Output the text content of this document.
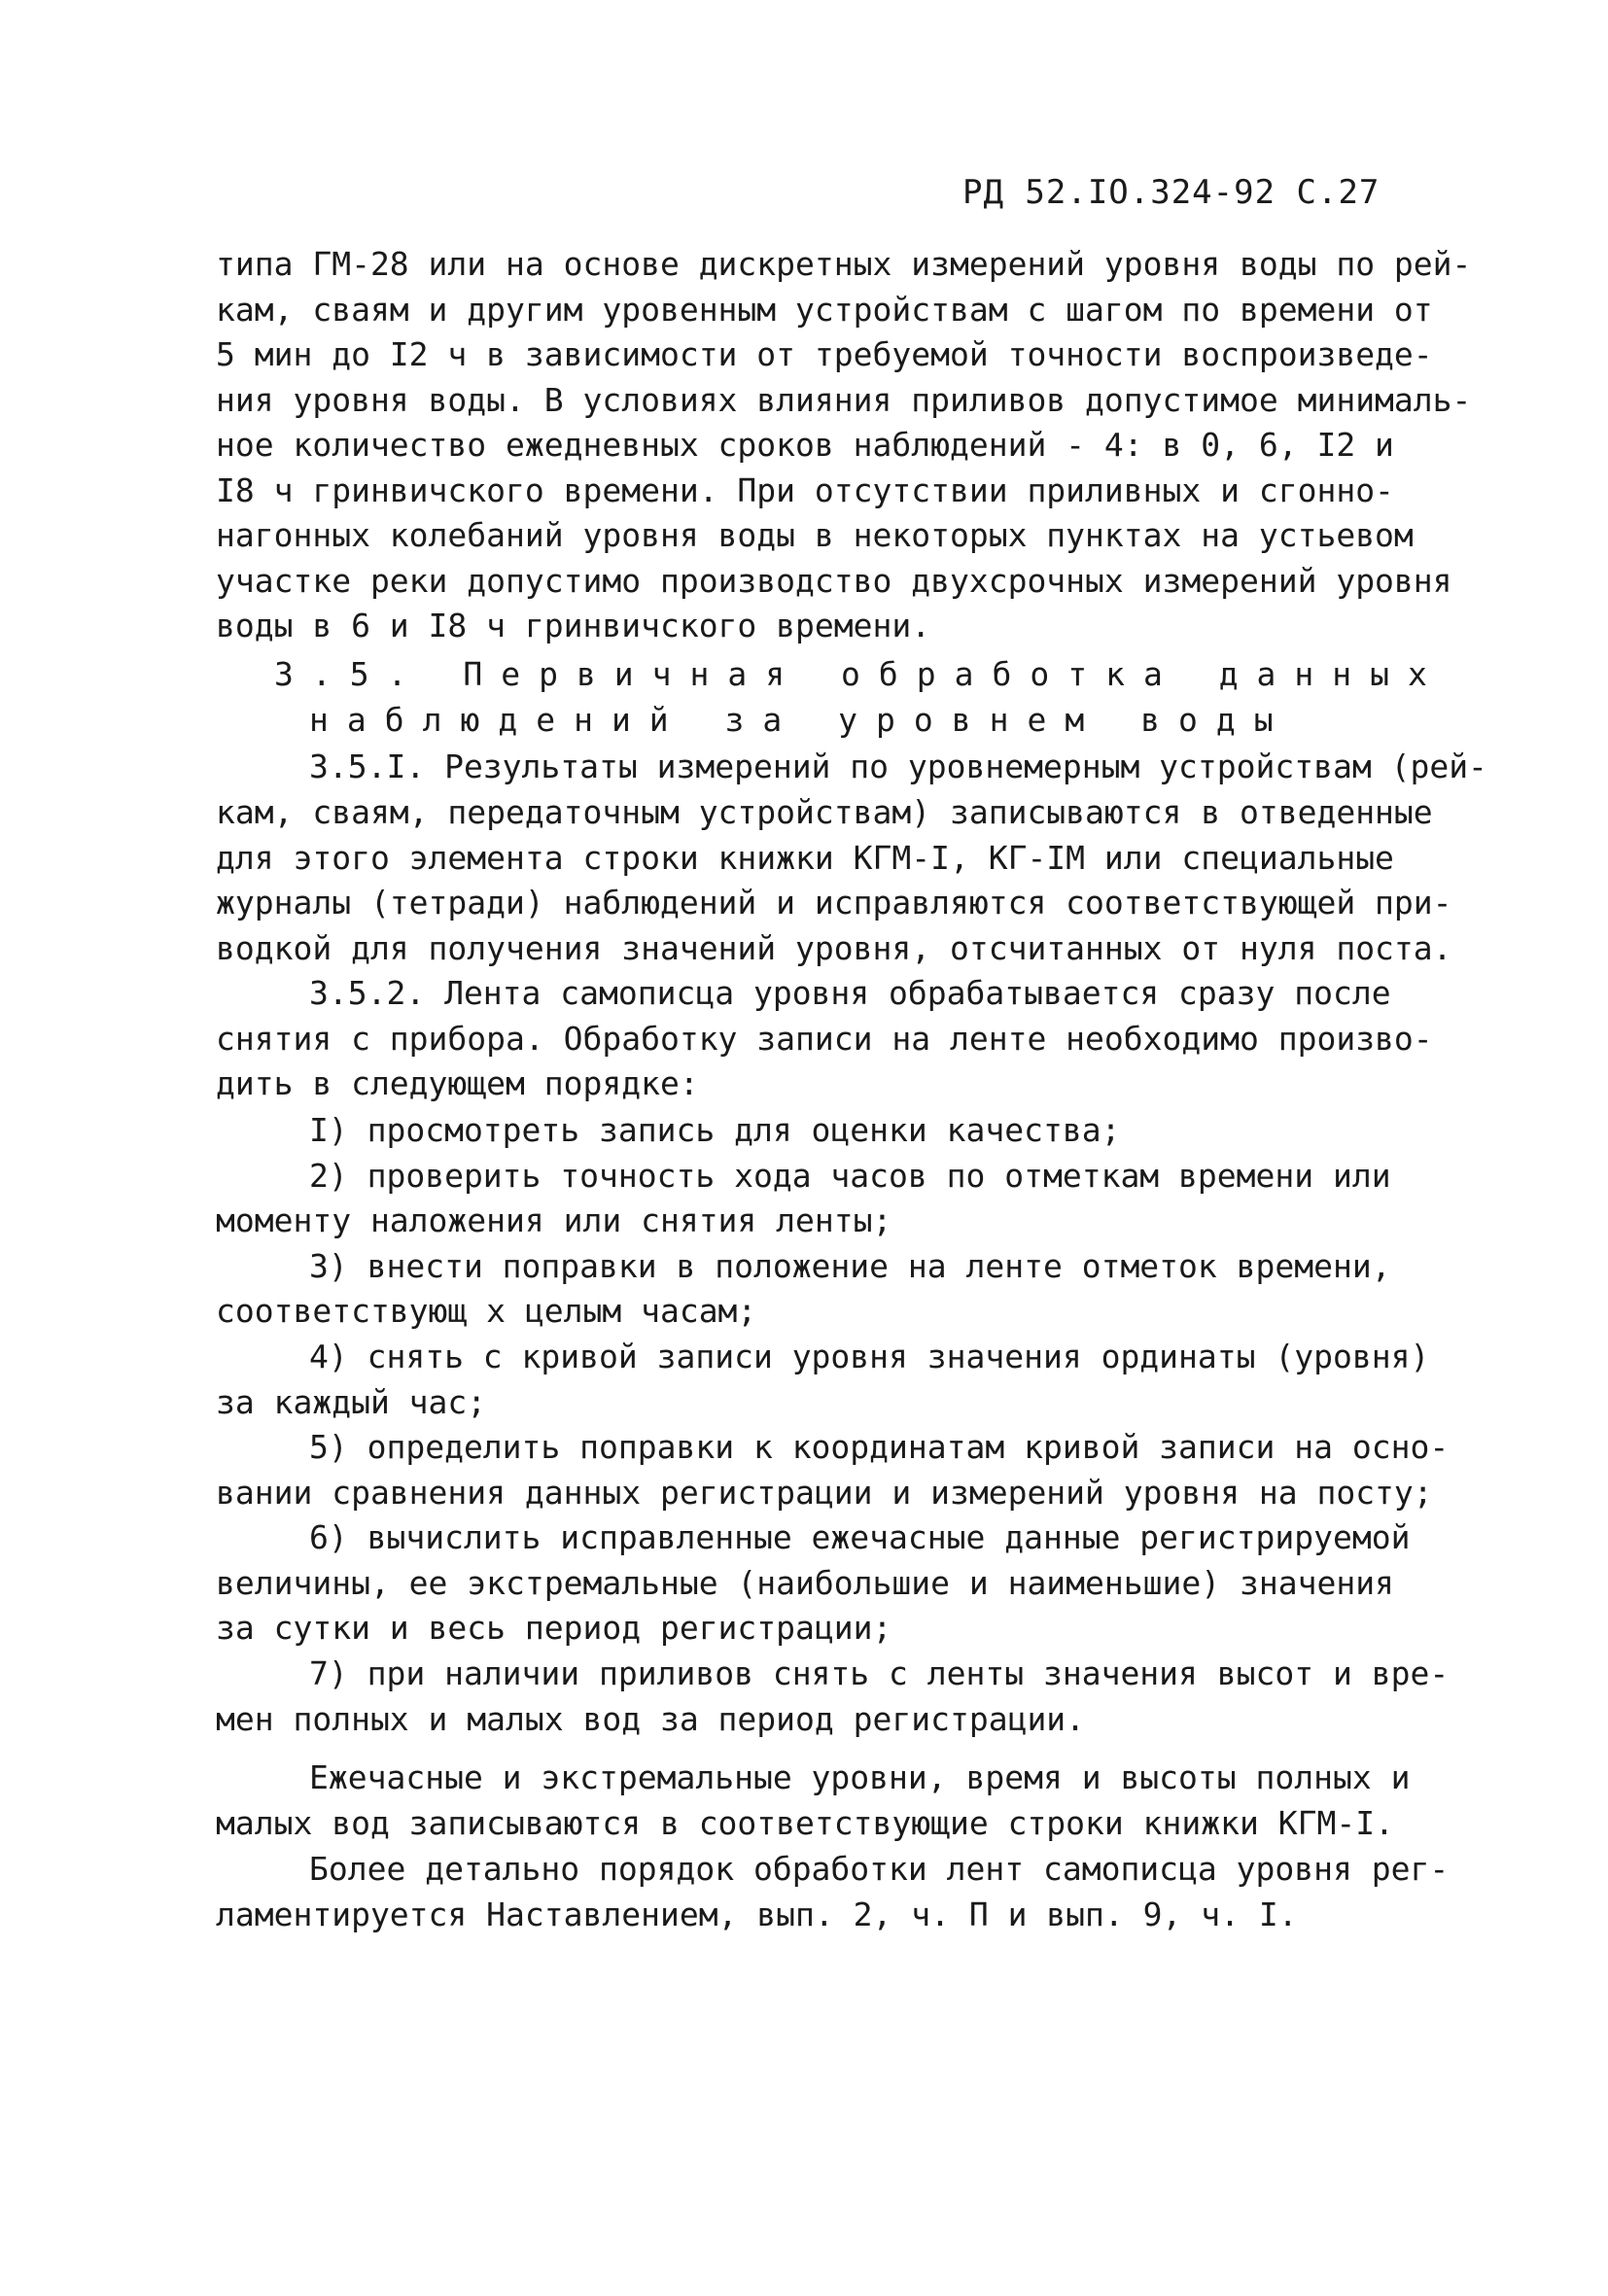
РД 52.IO.324-92 С.27
типа ГМ-28 или на основе дискретных измерений уровня воды по рей-
кам, сваям и другим уровенным устройствам с шагом по времени от
5 мин до I2 ч в зависимости от требуемой точности воспроизведе-
ния уровня воды. В условиях влияния приливов допустимое минималь-
ное количество ежедневных сроков наблюдений - 4: в 0, 6, I2 и
I8 ч гринвичского времени. При отсутствии приливных и сгонно-
нагонных колебаний уровня воды в некоторых пунктах на устьевом
участке реки допустимо производство двухсрочных измерений уровня
воды в 6 и I8 ч гринвичского времени.
3.5. Первичная обработка данных
наблюдений за уровнем воды
3.5.I. Результаты измерений по уровнемерным устройствам (рей-
кам, сваям, передаточным устройствам) записываются в отведенные
для этого элемента строки книжки КГМ-I, КГ-IМ или специальные
журналы (тетради) наблюдений и исправляются соответствующей при-
водкой для получения значений уровня, отсчитанных от нуля поста.
3.5.2. Лента самописца уровня обрабатывается сразу после
снятия с прибора. Обработку записи на ленте необходимо произво-
дить в следующем порядке:
I) просмотреть запись для оценки качества;
2) проверить точность хода часов по отметкам времени или
моменту наложения или снятия ленты;
3) внести поправки в положение на ленте отметок времени,
соответствующ х целым часам;
4) снять с кривой записи уровня значения ординаты (уровня)
за каждый час;
5) определить поправки к координатам кривой записи на осно-
вании сравнения данных регистрации и измерений уровня на посту;
6) вычислить исправленные ежечасные данные регистрируемой
величины, ее экстремальные (наибольшие и наименьшие) значения
за сутки и весь период регистрации;
7) при наличии приливов снять с ленты значения высот и вре-
мен полных и малых вод за период регистрации.
Ежечасные и экстремальные уровни, время и высоты полных и
малых вод записываются в соответствующие строки книжки КГМ-I.
Более детально порядок обработки лент самописца уровня рег-
ламентируется Наставлением, вып. 2, ч. П и вып. 9, ч. I.
